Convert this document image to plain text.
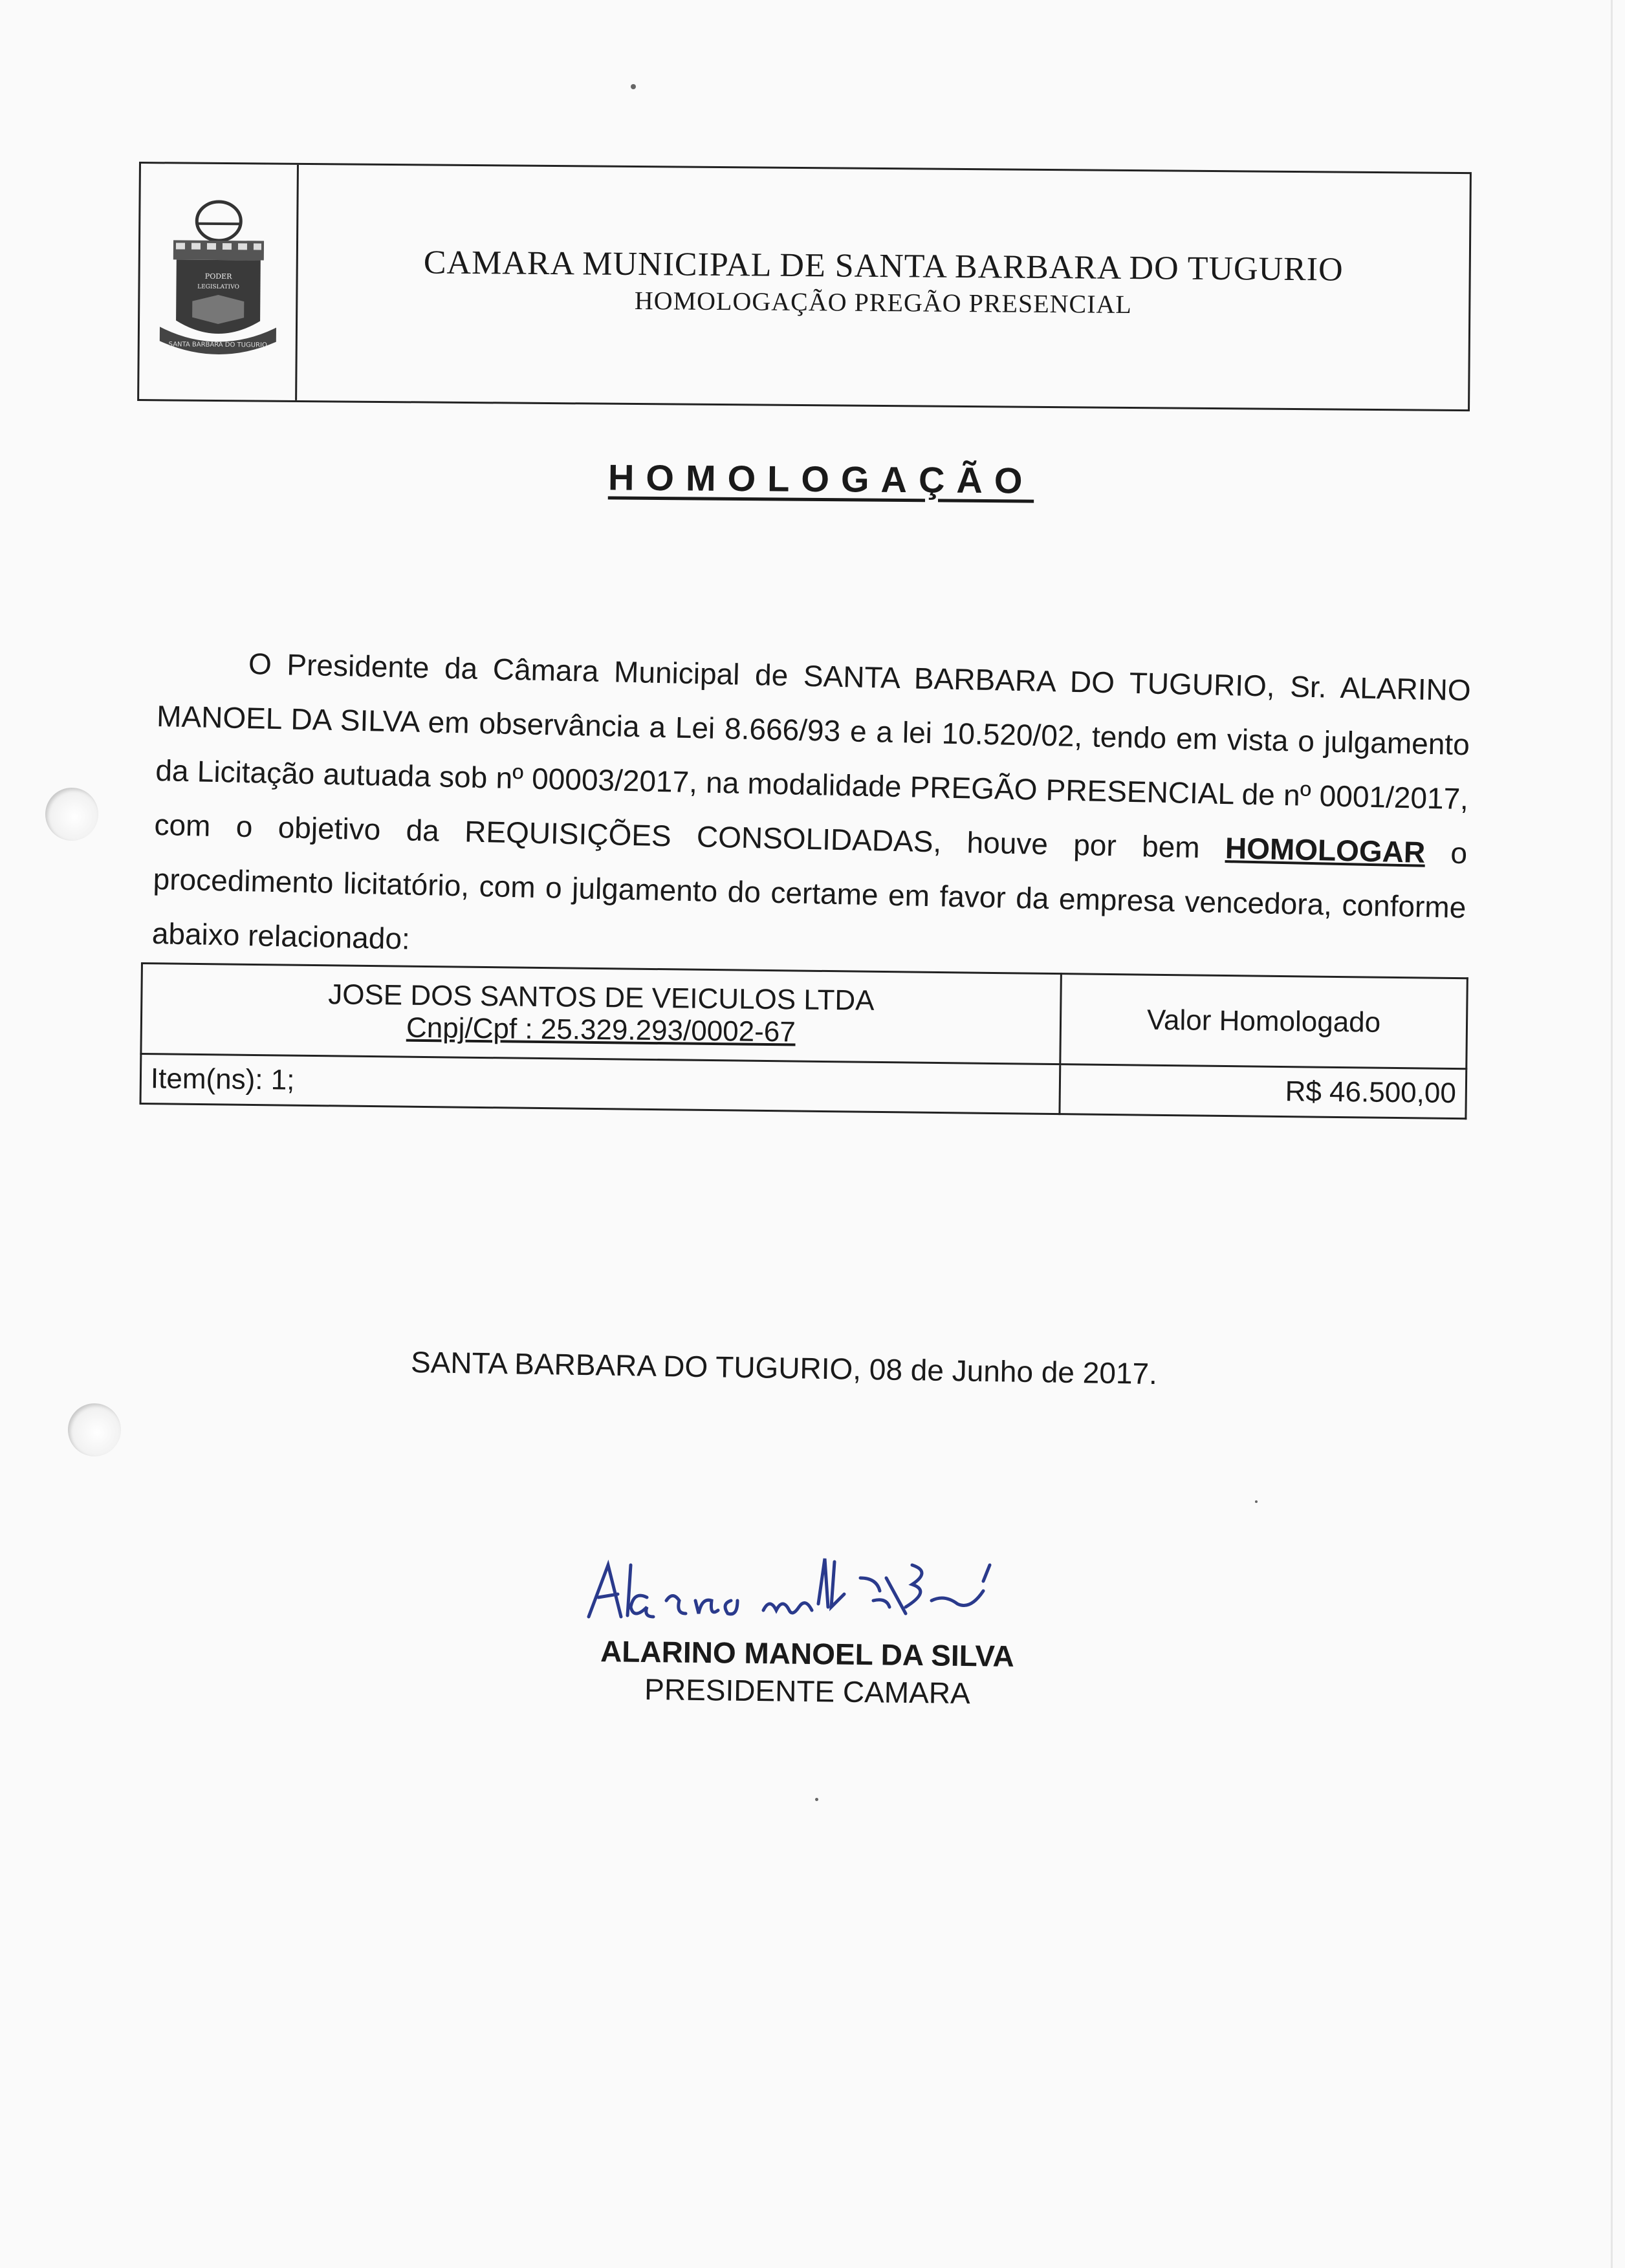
PODER
LEGISLATIVO
SANTA BARBARA DO TUGURIO
CAMARA MUNICIPAL DE SANTA BARBARA DO TUGURIO
HOMOLOGAÇÃO PREGÃO PRESENCIAL
HOMOLOGAÇÃO

O Presidente da Câmara Municipal de SANTA BARBARA DO TUGURIO, Sr. ALARINO MANOEL DA SILVA em observância a Lei 8.666/93 e a lei 10.520/02, tendo em vista o julgamento da Licitação autuada sob nº 00003/2017, na modalidade PREGÃO PRESENCIAL de nº 0001/2017, com o objetivo da REQUISIÇÕES CONSOLIDADAS, houve por bem HOMOLOGAR o procedimento licitatório, com o julgamento do certame em favor da empresa vencedora, conforme abaixo relacionado:

JOSE DOS SANTOS DE VEICULOS LTDA
Cnpj/Cpf : 25.329.293/0002-67	Valor Homologado
Item(ns): 1;	R$ 46.500,00
SANTA BARBARA DO TUGURIO, 08 de Junho de 2017.
ALARINO MANOEL DA SILVA
PRESIDENTE CAMARA
